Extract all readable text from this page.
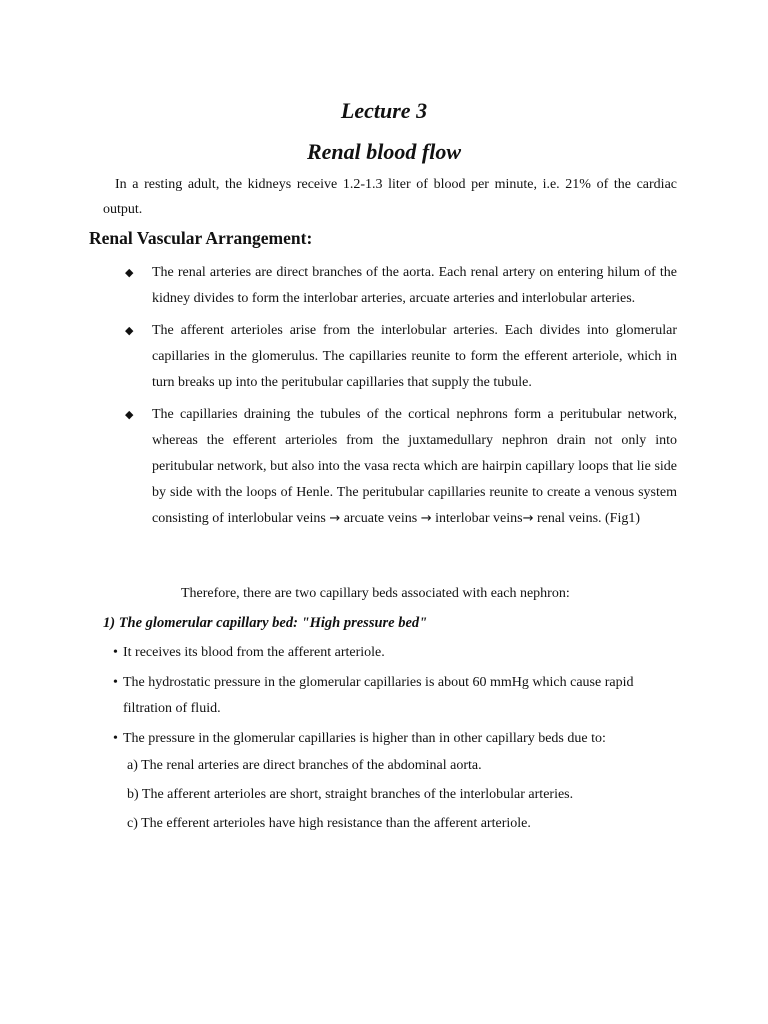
Lecture 3
Renal blood flow

In a resting adult, the kidneys receive 1.2-1.3 liter of blood per minute, i.e. 21% of the cardiac output.

Renal Vascular Arrangement:
◆ The renal arteries are direct branches of the aorta. Each renal artery on entering hilum of the kidney divides to form the interlobar arteries, arcuate arteries and interlobular arteries.
◆ The afferent arterioles arise from the interlobular arteries. Each divides into glomerular capillaries in the glomerulus. The capillaries reunite to form the efferent arteriole, which in turn breaks up into the peritubular capillaries that supply the tubule.
◆ The capillaries draining the tubules of the cortical nephrons form a peritubular network, whereas the efferent arterioles from the juxtamedullary nephron drain not only into peritubular network, but also into the vasa recta which are hairpin capillary loops that lie side by side with the loops of Henle. The peritubular capillaries reunite to create a venous system consisting of interlobular veins → arcuate veins → interlobar veins→ renal veins. (Fig1)

Therefore, there are two capillary beds associated with each nephron:

1) The glomerular capillary bed: "High pressure bed"
• It receives its blood from the afferent arteriole.
• The hydrostatic pressure in the glomerular capillaries is about 60 mmHg which cause rapid filtration of fluid.
• The pressure in the glomerular capillaries is higher than in other capillary beds due to:
a) The renal arteries are direct branches of the abdominal aorta.
b) The afferent arterioles are short, straight branches of the interlobular arteries.
c) The efferent arterioles have high resistance than the afferent arteriole.
